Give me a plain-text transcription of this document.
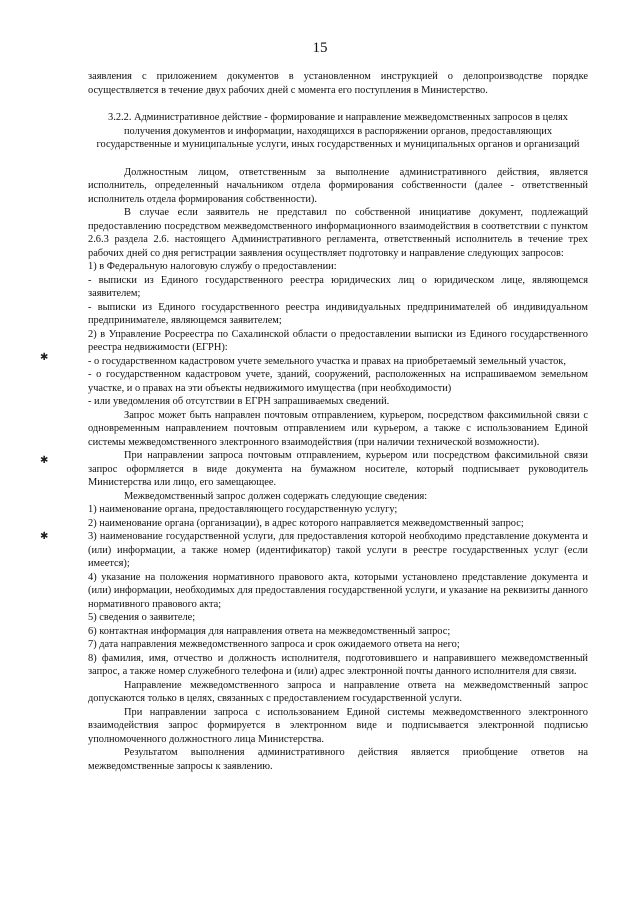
15

заявления с приложением документов в установленном инструкцией о делопроизводстве порядке осуществляется в течение двух рабочих дней с момента его поступления в Министерство.

3.2.2. Административное действие - формирование и направление межведомственных запросов в целях получения документов и информации, находящихся в распоряжении органов, предоставляющих государственные и муниципальные услуги, иных государственных и муниципальных органов и организаций

Должностным лицом, ответственным за выполнение административного действия, является исполнитель, определенный начальником отдела формирования собственности (далее - ответственный исполнитель отдела формирования собственности).

В случае если заявитель не представил по собственной инициативе документ, подлежащий предоставлению посредством межведомственного информационного взаимодействия в соответствии с пунктом 2.6.3 раздела 2.6. настоящего Административного регламента, ответственный исполнитель в течение трех рабочих дней со дня регистрации заявления осуществляет подготовку и направление следующих запросов:

1) в Федеральную налоговую службу о предоставлении:

- выписки из Единого государственного реестра юридических лиц о юридическом лице, являющемся заявителем;

- выписки из Единого государственного реестра индивидуальных предпринимателей об индивидуальном предпринимателе, являющемся заявителем;

2) в Управление Росреестра по Сахалинской области о предоставлении выписки из Единого государственного реестра недвижимости (ЕГРН):

- о государственном кадастровом учете земельного участка и правах на приобретаемый земельный участок,

- о государственном кадастровом учете, зданий, сооружений, расположенных на испрашиваемом земельном участке, и о правах на эти объекты недвижимого имущества (при необходимости)

- или уведомления об отсутствии в ЕГРН запрашиваемых сведений.

Запрос может быть направлен почтовым отправлением, курьером, посредством факсимильной связи с одновременным направлением почтовым отправлением или курьером, а также с использованием Единой системы межведомственного электронного взаимодействия (при наличии технической возможности).

При направлении запроса почтовым отправлением, курьером или посредством факсимильной связи запрос оформляется в виде документа на бумажном носителе, который подписывает руководитель Министерства или лицо, его замещающее.

Межведомственный запрос должен содержать следующие сведения:

1) наименование органа, предоставляющего государственную услугу;

2) наименование органа (организации), в адрес которого направляется межведомственный запрос;

3) наименование государственной услуги, для предоставления которой необходимо представление документа и (или) информации, а также номер (идентификатор) такой услуги в реестре государственных услуг (если имеется);

4) указание на положения нормативного правового акта, которыми установлено представление документа и (или) информации, необходимых для предоставления государственной услуги, и указание на реквизиты данного нормативного правового акта;

5) сведения о заявителе;

6) контактная информация для направления ответа на межведомственный запрос;

7) дата направления межведомственного запроса и срок ожидаемого ответа на него;

8) фамилия, имя, отчество и должность исполнителя, подготовившего и направившего межведомственный запрос, а также номер служебного телефона и (или) адрес электронной почты данного исполнителя для связи.

Направление межведомственного запроса и направление ответа на межведомственный запрос допускаются только в целях, связанных с предоставлением государственной услуги.

При направлении запроса с использованием Единой системы межведомственного электронного взаимодействия запрос формируется в электронном виде и подписывается электронной подписью уполномоченного должностного лица Министерства.

Результатом выполнения административного действия является приобщение ответов на межведомственные запросы к заявлению.

✱
✱
✱
